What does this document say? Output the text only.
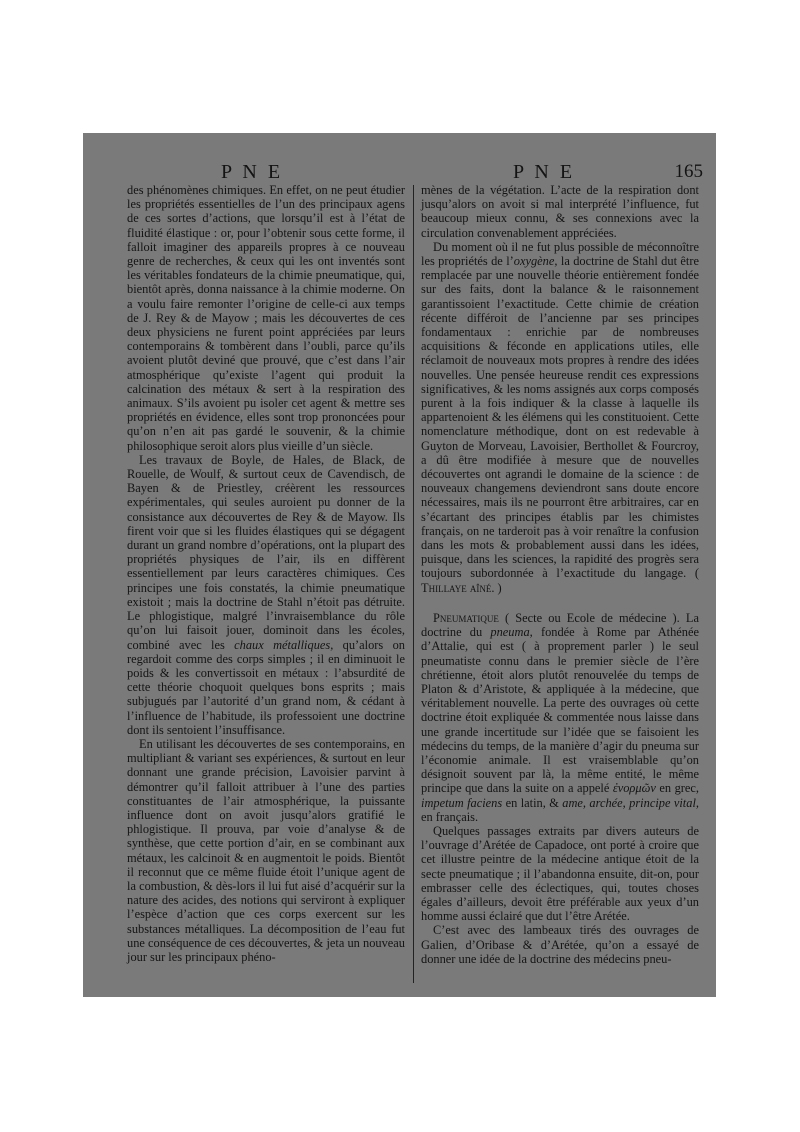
P N E	P N E	165

des phénomènes chimiques. En effet, on ne peut étudier les propriétés essentielles de l’un des principaux agens de ces sortes d’actions, que lorsqu’il est à l’état de fluidité élastique : or, pour l’obtenir sous cette forme, il falloit imaginer des appareils propres à ce nouveau genre de recherches, & ceux qui les ont inventés sont les véritables fondateurs de la chimie pneumatique, qui, bientôt après, donna naissance à la chimie moderne. On a voulu faire remonter l’origine de celle-ci aux temps de J. Rey & de Mayow ; mais les découvertes de ces deux physiciens ne furent point appréciées par leurs contemporains & tombèrent dans l’oubli, parce qu’ils avoient plutôt deviné que prouvé, que c’est dans l’air atmosphérique qu’existe l’agent qui produit la calcination des métaux & sert à la respiration des animaux. S’ils avoient pu isoler cet agent & mettre ses propriétés en évidence, elles sont trop prononcées pour qu’on n’en ait pas gardé le souvenir, & la chimie philosophique seroit alors plus vieille d’un siècle.

Les travaux de Boyle, de Hales, de Black, de Rouelle, de Woulf, & surtout ceux de Cavendisch, de Bayen & de Priestley, créèrent les ressources expérimentales, qui seules auroient pu donner de la consistance aux découvertes de Rey & de Mayow. Ils firent voir que si les fluides élastiques qui se dégagent durant un grand nombre d’opérations, ont la plupart des propriétés physiques de l’air, ils en diffèrent essentiellement par leurs caractères chimiques. Ces principes une fois constatés, la chimie pneumatique existoit ; mais la doctrine de Stahl n’étoit pas détruite. Le phlogistique, malgré l’invraisemblance du rôle qu’on lui faisoit jouer, dominoit dans les écoles, combiné avec les chaux métalliques, qu’alors on regardoit comme des corps simples ; il en diminuoit le poids & les convertissoit en métaux : l’absurdité de cette théorie choquoit quelques bons esprits ; mais subjugués par l’autorité d’un grand nom, & cédant à l’influence de l’habitude, ils professoient une doctrine dont ils sentoient l’insuffisance.

En utilisant les découvertes de ses contemporains, en multipliant & variant ses expériences, & surtout en leur donnant une grande précision, Lavoisier parvint à démontrer qu’il falloit attribuer à l’une des parties constituantes de l’air atmosphérique, la puissante influence dont on avoit jusqu’alors gratifié le phlogistique. Il prouva, par voie d’analyse & de synthèse, que cette portion d’air, en se combinant aux métaux, les calcinoit & en augmentoit le poids. Bientôt il reconnut que ce même fluide étoit l’unique agent de la combustion, & dès-lors il lui fut aisé d’acquérir sur la nature des acides, des notions qui serviront à expliquer l’espèce d’action que ces corps exercent sur les substances métalliques. La décomposition de l’eau fut une conséquence de ces découvertes, & jeta un nouveau jour sur les principaux phéno-

mènes de la végétation. L’acte de la respiration dont jusqu’alors on avoit si mal interprété l’influence, fut beaucoup mieux connu, & ses connexions avec la circulation convenablement appréciées.

Du moment où il ne fut plus possible de méconnoître les propriétés de l’oxygène, la doctrine de Stahl dut être remplacée par une nouvelle théorie entièrement fondée sur des faits, dont la balance & le raisonnement garantissoient l’exactitude. Cette chimie de création récente différoit de l’ancienne par ses principes fondamentaux : enrichie par de nombreuses acquisitions & féconde en applications utiles, elle réclamoit de nouveaux mots propres à rendre des idées nouvelles. Une pensée heureuse rendit ces expressions significatives, & les noms assignés aux corps composés purent à la fois indiquer & la classe à laquelle ils appartenoient & les élémens qui les constituoient. Cette nomenclature méthodique, dont on est redevable à Guyton de Morveau, Lavoisier, Berthollet & Fourcroy, a dû être modifiée à mesure que de nouvelles découvertes ont agrandi le domaine de la science : de nouveaux changemens deviendront sans doute encore nécessaires, mais ils ne pourront être arbitraires, car en s’écartant des principes établis par les chimistes français, on ne tarderoit pas à voir renaître la confusion dans les mots & probablement aussi dans les idées, puisque, dans les sciences, la rapidité des progrès sera toujours subordonnée à l’exactitude du langage. ( Thillaye aîné. )

Pneumatique ( Secte ou Ecole de médecine ). La doctrine du pneuma, fondée à Rome par Athénée d’Attalie, qui est ( à proprement parler ) le seul pneumatiste connu dans le premier siècle de l’ère chrétienne, étoit alors plutôt renouvelée du temps de Platon & d’Aristote, & appliquée à la médecine, que véritablement nouvelle. La perte des ouvrages où cette doctrine étoit expliquée & commentée nous laisse dans une grande incertitude sur l’idée que se faisoient les médecins du temps, de la manière d’agir du pneuma sur l’économie animale. Il est vraisemblable qu’on désignoit souvent par là, la même entité, le même principe que dans la suite on a appelé ἐνορμῶν en grec, impetum faciens en latin, & ame, archée, principe vital, en français.

Quelques passages extraits par divers auteurs de l’ouvrage d’Arétée de Capadoce, ont porté à croire que cet illustre peintre de la médecine antique étoit de la secte pneumatique ; il l’abandonna ensuite, dit-on, pour embrasser celle des éclectiques, qui, toutes choses égales d’ailleurs, devoit être préférable aux yeux d’un homme aussi éclairé que dut l’être Arétée.

C’est avec des lambeaux tirés des ouvrages de Galien, d’Oribase & d’Arétée, qu’on a essayé de donner une idée de la doctrine des médecins pneu-
